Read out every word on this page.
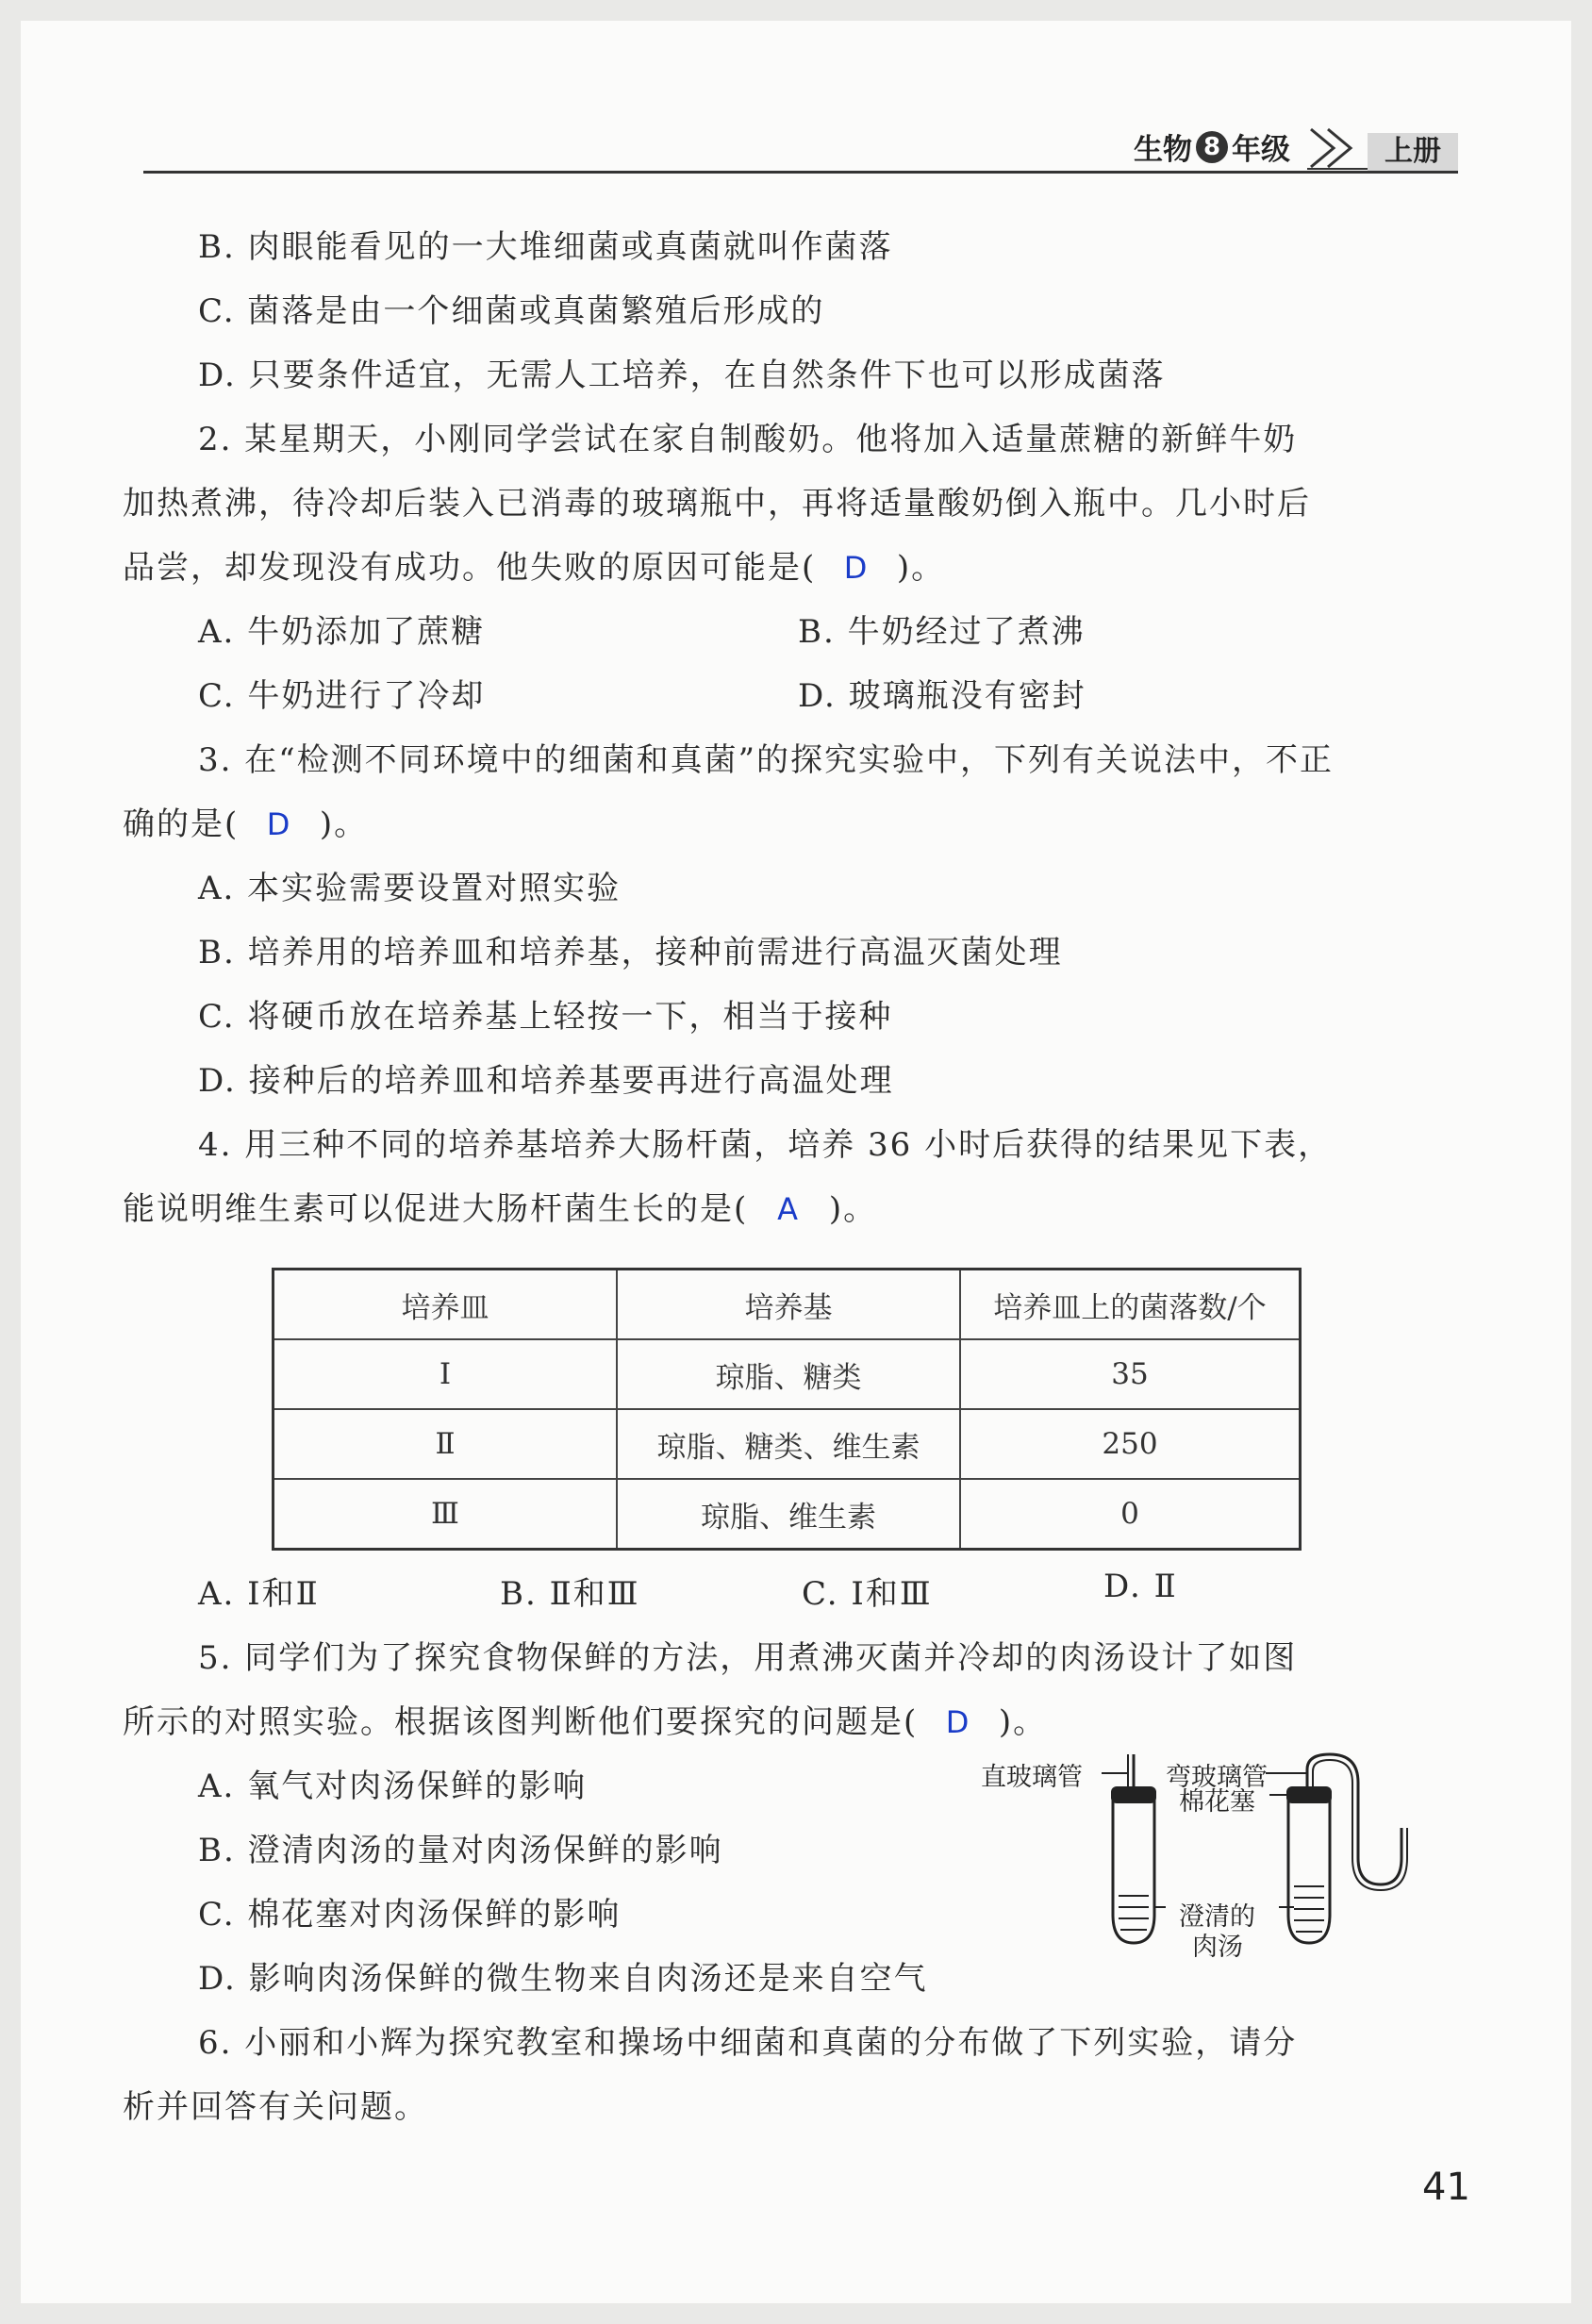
生物 8 年级	上册
B. 肉眼能看见的一大堆细菌或真菌就叫作菌落
C. 菌落是由一个细菌或真菌繁殖后形成的
D. 只要条件适宜，无需人工培养，在自然条件下也可以形成菌落
2. 某星期天，小刚同学尝试在家自制酸奶。他将加入适量蔗糖的新鲜牛奶
加热煮沸，待冷却后装入已消毒的玻璃瓶中，再将适量酸奶倒入瓶中。几小时后
品尝，却发现没有成功。他失败的原因可能是( D )。
A. 牛奶添加了蔗糖	B. 牛奶经过了煮沸
C. 牛奶进行了冷却	D. 玻璃瓶没有密封
3. 在“检测不同环境中的细菌和真菌”的探究实验中，下列有关说法中，不正
确的是( D )。
A. 本实验需要设置对照实验
B. 培养用的培养皿和培养基，接种前需进行高温灭菌处理
C. 将硬币放在培养基上轻按一下，相当于接种
D. 接种后的培养皿和培养基要再进行高温处理
4. 用三种不同的培养基培养大肠杆菌，培养 36 小时后获得的结果见下表，
能说明维生素可以促进大肠杆菌生长的是( A )。
培养皿	培养基	培养皿上的菌落数/个
Ⅰ	琼脂、糖类	35
Ⅱ	琼脂、糖类、维生素	250
Ⅲ	琼脂、维生素	0
A. Ⅰ和Ⅱ	B. Ⅱ和Ⅲ	C. Ⅰ和Ⅲ	D. Ⅱ
5. 同学们为了探究食物保鲜的方法，用煮沸灭菌并冷却的肉汤设计了如图
所示的对照实验。根据该图判断他们要探究的问题是( D )。
A. 氧气对肉汤保鲜的影响
B. 澄清肉汤的量对肉汤保鲜的影响
C. 棉花塞对肉汤保鲜的影响
D. 影响肉汤保鲜的微生物来自肉汤还是来自空气
直玻璃管	弯玻璃管
棉花塞
澄清的
肉汤
6. 小丽和小辉为探究教室和操场中细菌和真菌的分布做了下列实验，请分
析并回答有关问题。
41
